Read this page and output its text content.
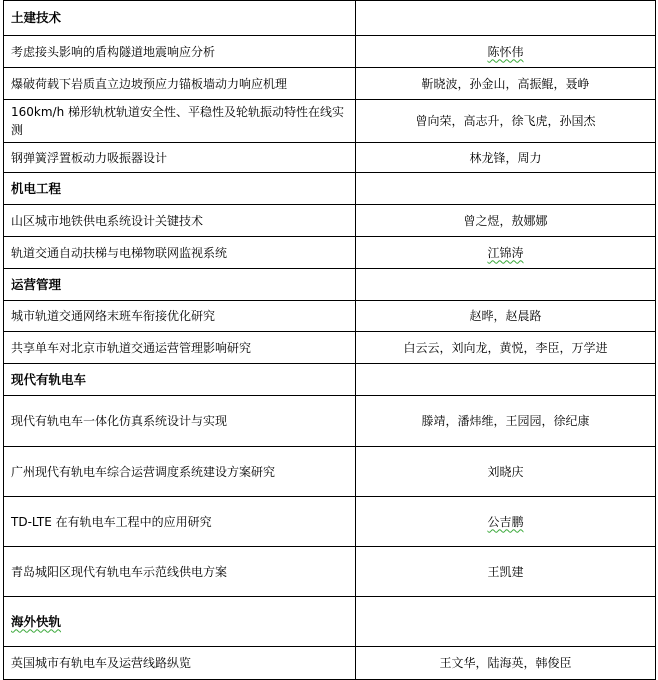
土建技术	
考虑接头影响的盾构隧道地震响应分析	陈怀伟
爆破荷载下岩质直立边坡预应力锚板墙动力响应机理	靳晓波，孙金山，高振鲲，聂峥
160km/h 梯形轨枕轨道安全性、平稳性及轮轨振动特性在线实测	曾向荣，高志升，徐飞虎，孙国杰
钢弹簧浮置板动力吸振器设计	林龙锋，周力
机电工程	
山区城市地铁供电系统设计关键技术	曾之煜，敖娜娜
轨道交通自动扶梯与电梯物联网监视系统	江锦涛
运营管理	
城市轨道交通网络末班车衔接优化研究	赵晔，赵晨路
共享单车对北京市轨道交通运营管理影响研究	白云云，刘向龙，黄悦，李臣，万学进
现代有轨电车	
现代有轨电车一体化仿真系统设计与实现	滕靖，潘炜维，王园园，徐纪康
广州现代有轨电车综合运营调度系统建设方案研究	刘晓庆
TD-LTE 在有轨电车工程中的应用研究	公吉鹏
青岛城阳区现代有轨电车示范线供电方案	王凯建
海外快轨	
英国城市有轨电车及运营线路纵览	王文华，陆海英，韩俊臣
